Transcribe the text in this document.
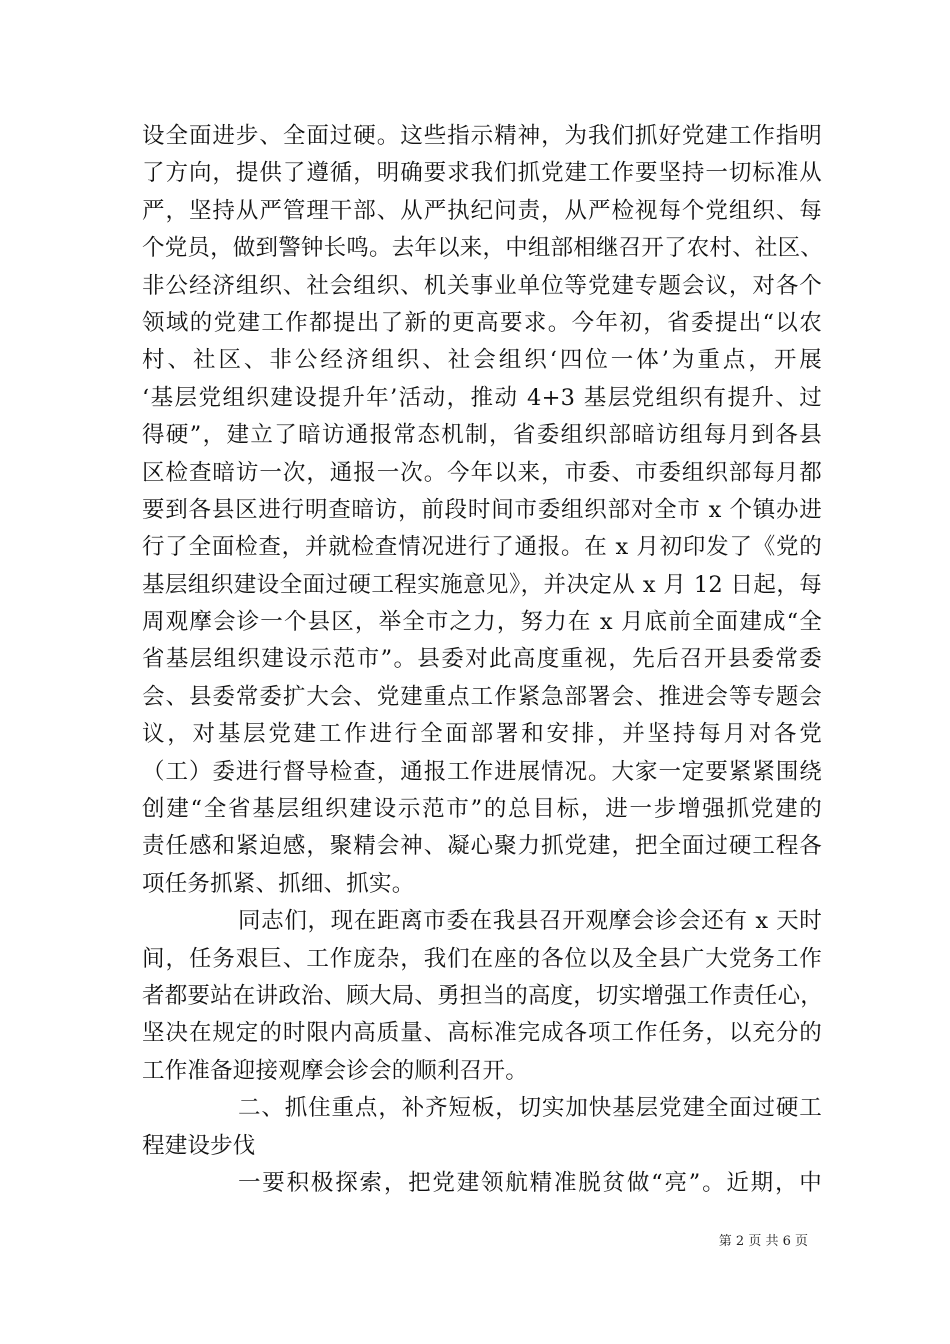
设全面进步、全面过硬。这些指示精神，为我们抓好党建工作指明
了方向，提供了遵循，明确要求我们抓党建工作要坚持一切标准从
严，坚持从严管理干部、从严执纪问责，从严检视每个党组织、每
个党员，做到警钟长鸣。去年以来，中组部相继召开了农村、社区、
非公经济组织、社会组织、机关事业单位等党建专题会议，对各个
领域的党建工作都提出了新的更高要求。今年初，省委提出“以农
村、社区、非公经济组织、社会组织‘四位一体’为重点，开展
‘基层党组织建设提升年’活动，推动 4+3 基层党组织有提升、过
得硬”，建立了暗访通报常态机制，省委组织部暗访组每月到各县
区检查暗访一次，通报一次。今年以来，市委、市委组织部每月都
要到各县区进行明查暗访，前段时间市委组织部对全市 x 个镇办进
行了全面检查，并就检查情况进行了通报。在 x 月初印发了《党的
基层组织建设全面过硬工程实施意见》，并决定从 x 月 12 日起，每
周观摩会诊一个县区，举全市之力，努力在 x 月底前全面建成“全
省基层组织建设示范市”。县委对此高度重视，先后召开县委常委
会、县委常委扩大会、党建重点工作紧急部署会、推进会等专题会
议，对基层党建工作进行全面部署和安排，并坚持每月对各党
（工）委进行督导检查，通报工作进展情况。大家一定要紧紧围绕
创建“全省基层组织建设示范市”的总目标，进一步增强抓党建的
责任感和紧迫感，聚精会神、凝心聚力抓党建，把全面过硬工程各
项任务抓紧、抓细、抓实。
同志们，现在距离市委在我县召开观摩会诊会还有 x 天时
间，任务艰巨、工作庞杂，我们在座的各位以及全县广大党务工作
者都要站在讲政治、顾大局、勇担当的高度，切实增强工作责任心，
坚决在规定的时限内高质量、高标准完成各项工作任务，以充分的
工作准备迎接观摩会诊会的顺利召开。
二、抓住重点，补齐短板，切实加快基层党建全面过硬工
程建设步伐
一要积极探索，把党建领航精准脱贫做“亮”。近期，中
第 2 页 共 6 页
